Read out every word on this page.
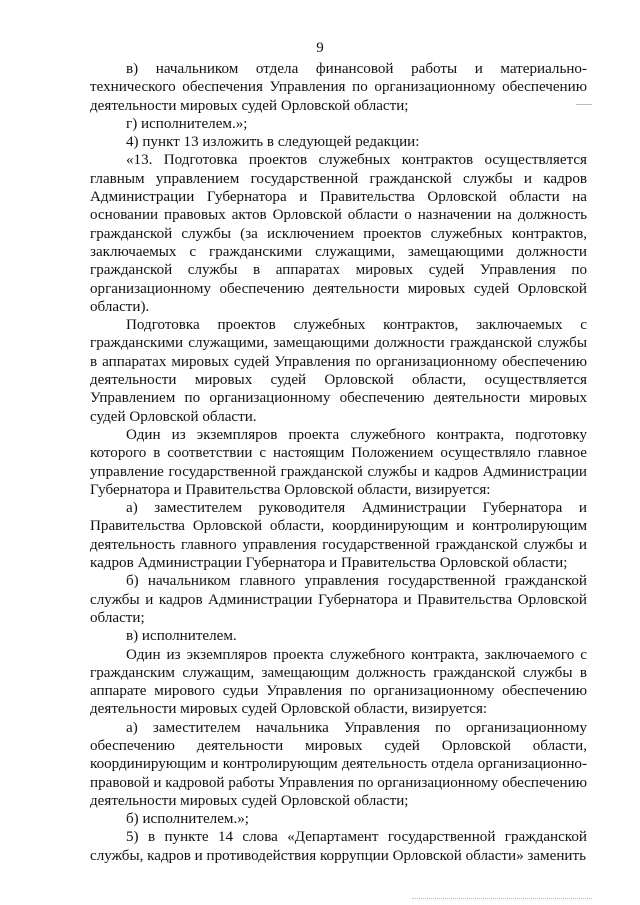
9

в)  начальником  отдела  финансовой  работы  и  материально-технического обеспечения Управления по организационному обеспечению деятельности мировых судей Орловской области;

г) исполнителем.»;

4) пункт 13 изложить в следующей редакции:

«13. Подготовка проектов служебных контрактов осуществляется главным управлением государственной гражданской службы и кадров Администрации Губернатора и Правительства Орловской области на основании правовых актов Орловской области о назначении на должность гражданской службы (за исключением проектов служебных контрактов, заключаемых с гражданскими служащими, замещающими должности гражданской службы в аппаратах мировых судей Управления по организационному обеспечению деятельности мировых судей Орловской области).

Подготовка проектов служебных контрактов, заключаемых с гражданскими служащими, замещающими должности гражданской службы в аппаратах мировых судей Управления по организационному обеспечению деятельности мировых судей Орловской области, осуществляется Управлением по организационному обеспечению деятельности мировых судей Орловской области.

Один из экземпляров проекта служебного контракта, подготовку которого в соответствии с настоящим Положением осуществляло главное управление государственной гражданской службы и кадров Администрации Губернатора и Правительства Орловской области, визируется:

а) заместителем руководителя Администрации Губернатора и Правительства Орловской области, координирующим и контролирующим деятельность главного управления государственной гражданской службы и кадров Администрации Губернатора и Правительства Орловской области;

б) начальником главного управления государственной гражданской службы и кадров Администрации Губернатора и Правительства Орловской области;

в) исполнителем.

Один из экземпляров проекта служебного контракта, заключаемого с гражданским служащим, замещающим должность гражданской службы в аппарате мирового судьи Управления по организационному обеспечению деятельности мировых судей Орловской области, визируется:

а) заместителем начальника Управления по организационному обеспечению деятельности мировых судей Орловской области, координирующим и контролирующим деятельность отдела организационно-правовой и кадровой работы Управления по организационному обеспечению деятельности мировых судей Орловской области;

б) исполнителем.»;

5) в пункте 14 слова «Департамент государственной гражданской службы, кадров и противодействия коррупции Орловской области» заменить
